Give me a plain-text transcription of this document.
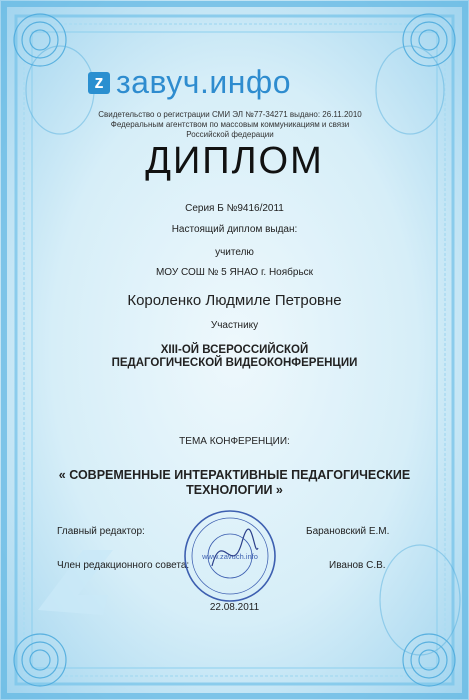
z завуч.инфо
Свидетельство о регистрации СМИ ЭЛ №77-34271 выдано: 26.11.2010
Федеральным агентством по массовым коммуникациям и связи
Российской федерации
ДИПЛОМ
Серия Б №9416/2011
Настоящий диплом выдан:
учителю
МОУ СОШ № 5 ЯНАО г. Ноябрьск
Короленко Людмиле Петровне
Участнику
XIII-ОЙ ВСЕРОССИЙСКОЙ
ПЕДАГОГИЧЕСКОЙ ВИДЕОКОНФЕРЕНЦИИ
ТЕМА КОНФЕРЕНЦИИ:
« СОВРЕМЕННЫЕ ИНТЕРАКТИВНЫЕ ПЕДАГОГИЧЕСКИЕ
ТЕХНОЛОГИИ »
Главный редактор:	Барановский Е.М.
Член редакционного совета:	Иванов С.В.
www.zavuch.info
22.08.2011
